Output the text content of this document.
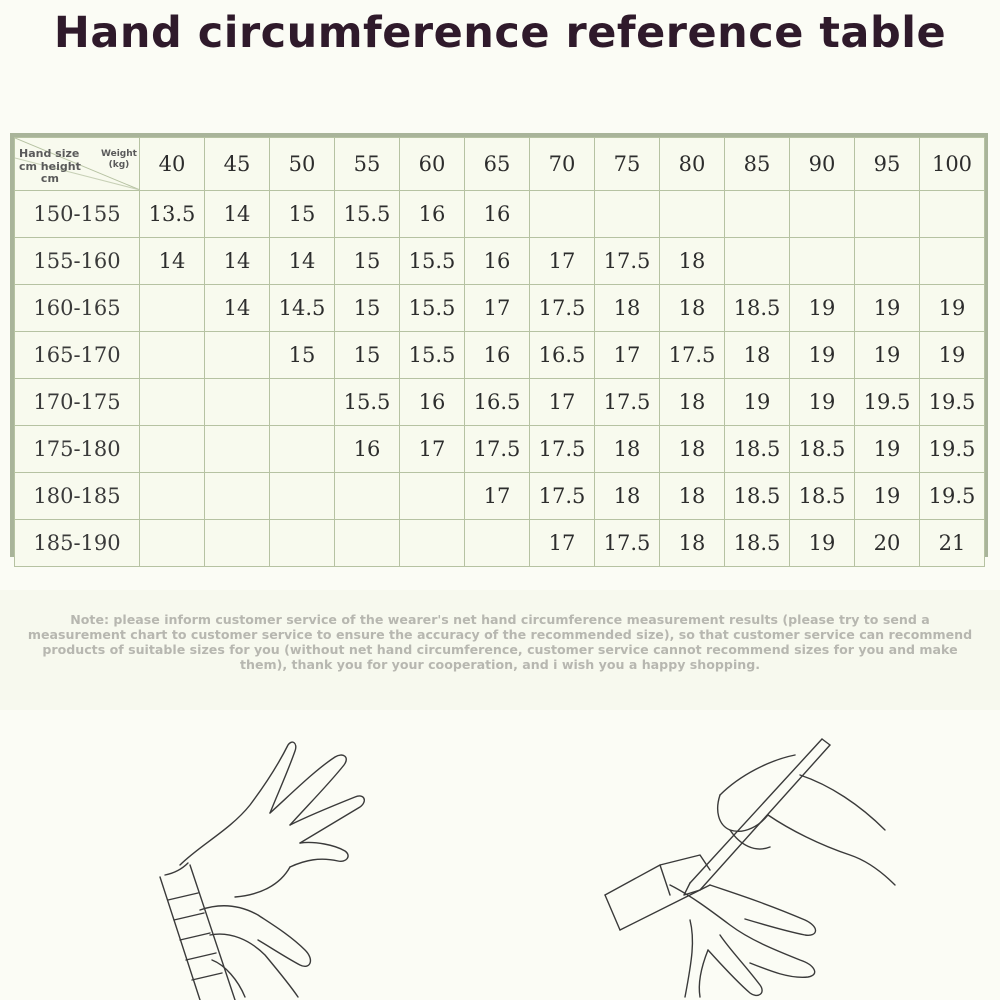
Hand circumference reference table
Hand size Weight
(kg)
cm height
cm	40	45	50	55	60	65	70	75	80	85	90	95	100
150-155	13.5	14	15	15.5	16	16							
155-160	14	14	14	15	15.5	16	17	17.5	18				
160-165		14	14.5	15	15.5	17	17.5	18	18	18.5	19	19	19
165-170			15	15	15.5	16	16.5	17	17.5	18	19	19	19
170-175				15.5	16	16.5	17	17.5	18	19	19	19.5	19.5
175-180				16	17	17.5	17.5	18	18	18.5	18.5	19	19.5
180-185						17	17.5	18	18	18.5	18.5	19	19.5
185-190							17	17.5	18	18.5	19	20	21
Note: please inform customer service of the wearer's net hand circumference measurement results (please try to send a measurement chart to customer service to ensure the accuracy of the recommended size), so that customer service can recommend products of suitable sizes for you (without net hand circumference, customer service cannot recommend sizes for you and make them), thank you for your cooperation, and i wish you a happy shopping.
